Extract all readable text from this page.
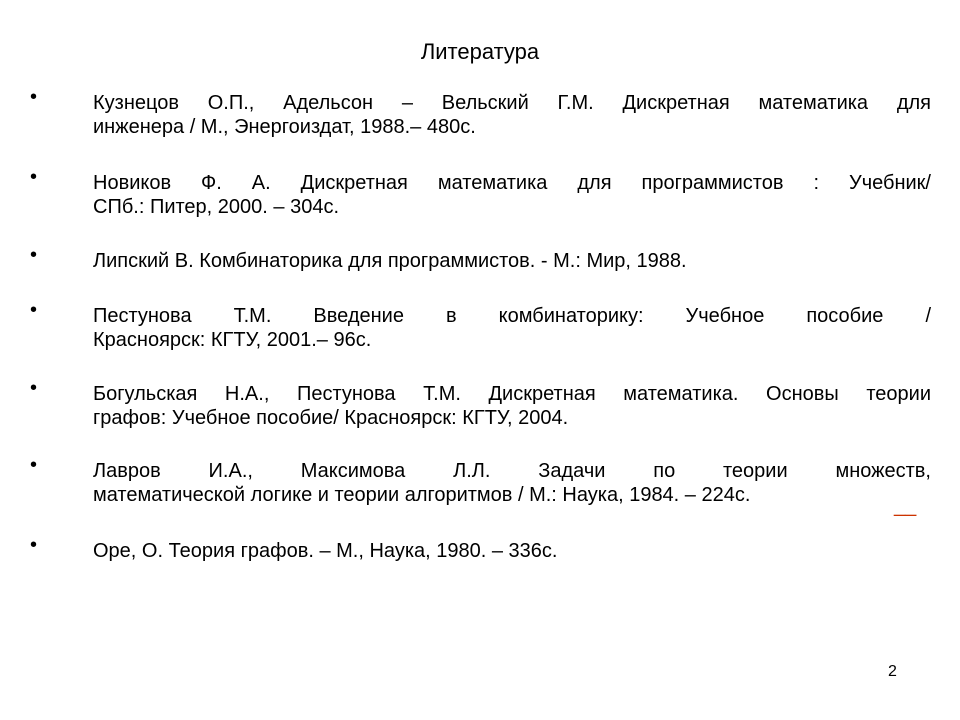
Литература
•	Кузнецов О.П., Адельсон – Вельский Г.М. Дискретная математика для
инженера / М., Энергоиздат, 1988.– 480с.
•	Новиков Ф. А. Дискретная математика для программистов : Учебник/
СПб.: Питер, 2000. – 304с.
•	Липский В. Комбинаторика для программистов. - М.: Мир, 1988.
•	Пестунова Т.М. Введение в комбинаторику: Учебное пособие /
Красноярск: КГТУ, 2001.– 96с.
•	Богульская Н.А., Пестунова Т.М. Дискретная математика. Основы теории
графов: Учебное пособие/ Красноярск: КГТУ, 2004.
•	Лавров И.А., Максимова Л.Л. Задачи по теории множеств,
математической логике и теории алгоритмов / М.: Наука, 1984. – 224с.
•	Оре, О. Теория графов. – М., Наука, 1980. – 336с.
__
2
